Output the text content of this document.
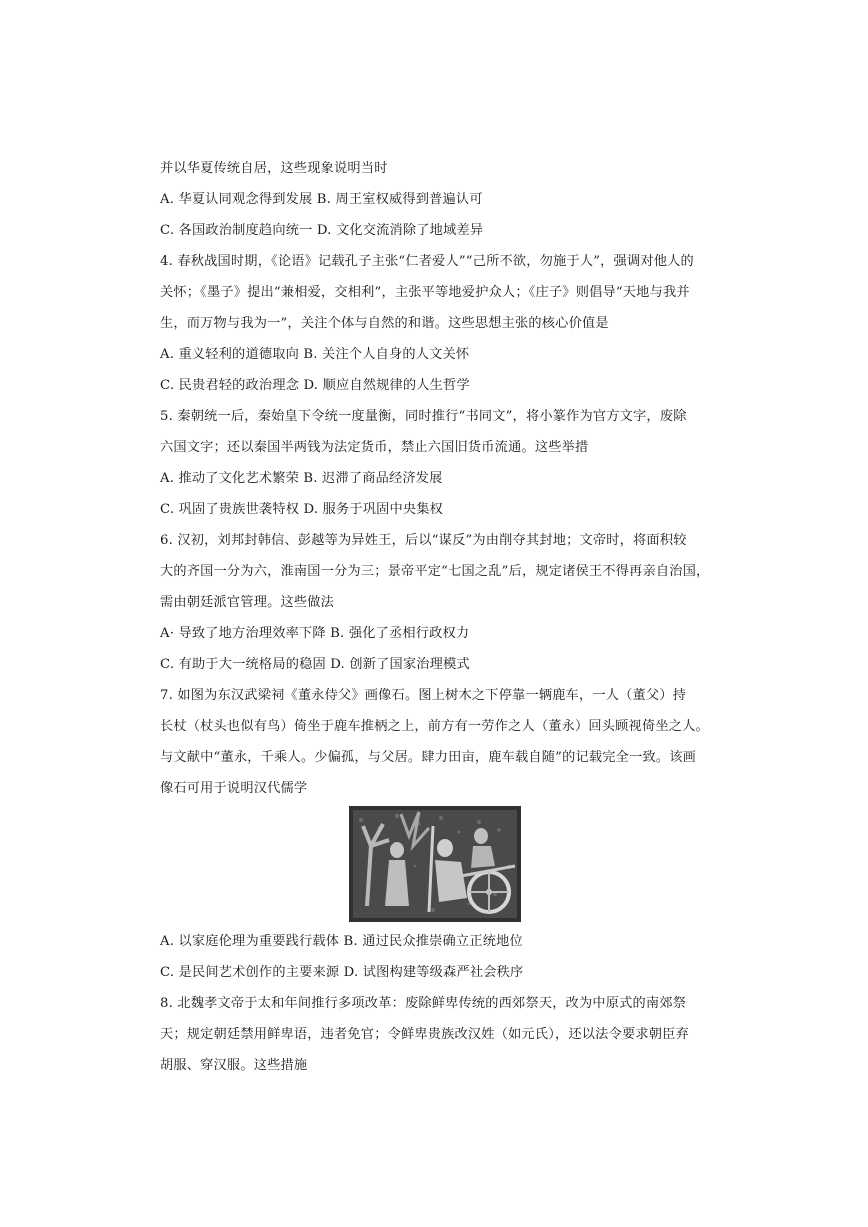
并以华夏传统自居，这些现象说明当时
A. 华夏认同观念得到发展 B. 周王室权威得到普遍认可
C. 各国政治制度趋向统一 D. 文化交流消除了地域差异
4. 春秋战国时期，《论语》记载孔子主张“仁者爱人”“己所不欲，勿施于人”，强调对他人的
关怀；《墨子》提出“兼相爱，交相利”，主张平等地爱护众人；《庄子》则倡导“天地与我并
生，而万物与我为一”，关注个体与自然的和谐。这些思想主张的核心价值是
A. 重义轻利的道德取向 B. 关注个人自身的人文关怀
C. 民贵君轻的政治理念 D. 顺应自然规律的人生哲学
5. 秦朝统一后，秦始皇下令统一度量衡，同时推行“书同文”，将小篆作为官方文字，废除
六国文字；还以秦国半两钱为法定货币，禁止六国旧货币流通。这些举措
A. 推动了文化艺术繁荣 B. 迟滞了商品经济发展
C. 巩固了贵族世袭特权 D. 服务于巩固中央集权
6. 汉初，刘邦封韩信、彭越等为异姓王，后以“谋反”为由削夺其封地；文帝时，将面积较
大的齐国一分为六，淮南国一分为三；景帝平定“七国之乱”后，规定诸侯王不得再亲自治国，
需由朝廷派官管理。这些做法
A· 导致了地方治理效率下降 B. 强化了丞相行政权力
C. 有助于大一统格局的稳固 D. 创新了国家治理模式
7. 如图为东汉武梁祠《董永侍父》画像石。图上树木之下停靠一辆鹿车，一人（董父）持
长杖（杖头也似有鸟）倚坐于鹿车推柄之上，前方有一劳作之人（董永）回头顾视倚坐之人。
与文献中“董永，千乘人。少偏孤，与父居。肆力田亩，鹿车载自随”的记载完全一致。该画
像石可用于说明汉代儒学
A. 以家庭伦理为重要践行载体 B. 通过民众推崇确立正统地位
C. 是民间艺术创作的主要来源 D. 试图构建等级森严社会秩序
8. 北魏孝文帝于太和年间推行多项改革：废除鲜卑传统的西郊祭天，改为中原式的南郊祭
天；规定朝廷禁用鲜卑语，违者免官；令鲜卑贵族改汉姓（如元氏），还以法令要求朝臣弃
胡服、穿汉服。这些措施
